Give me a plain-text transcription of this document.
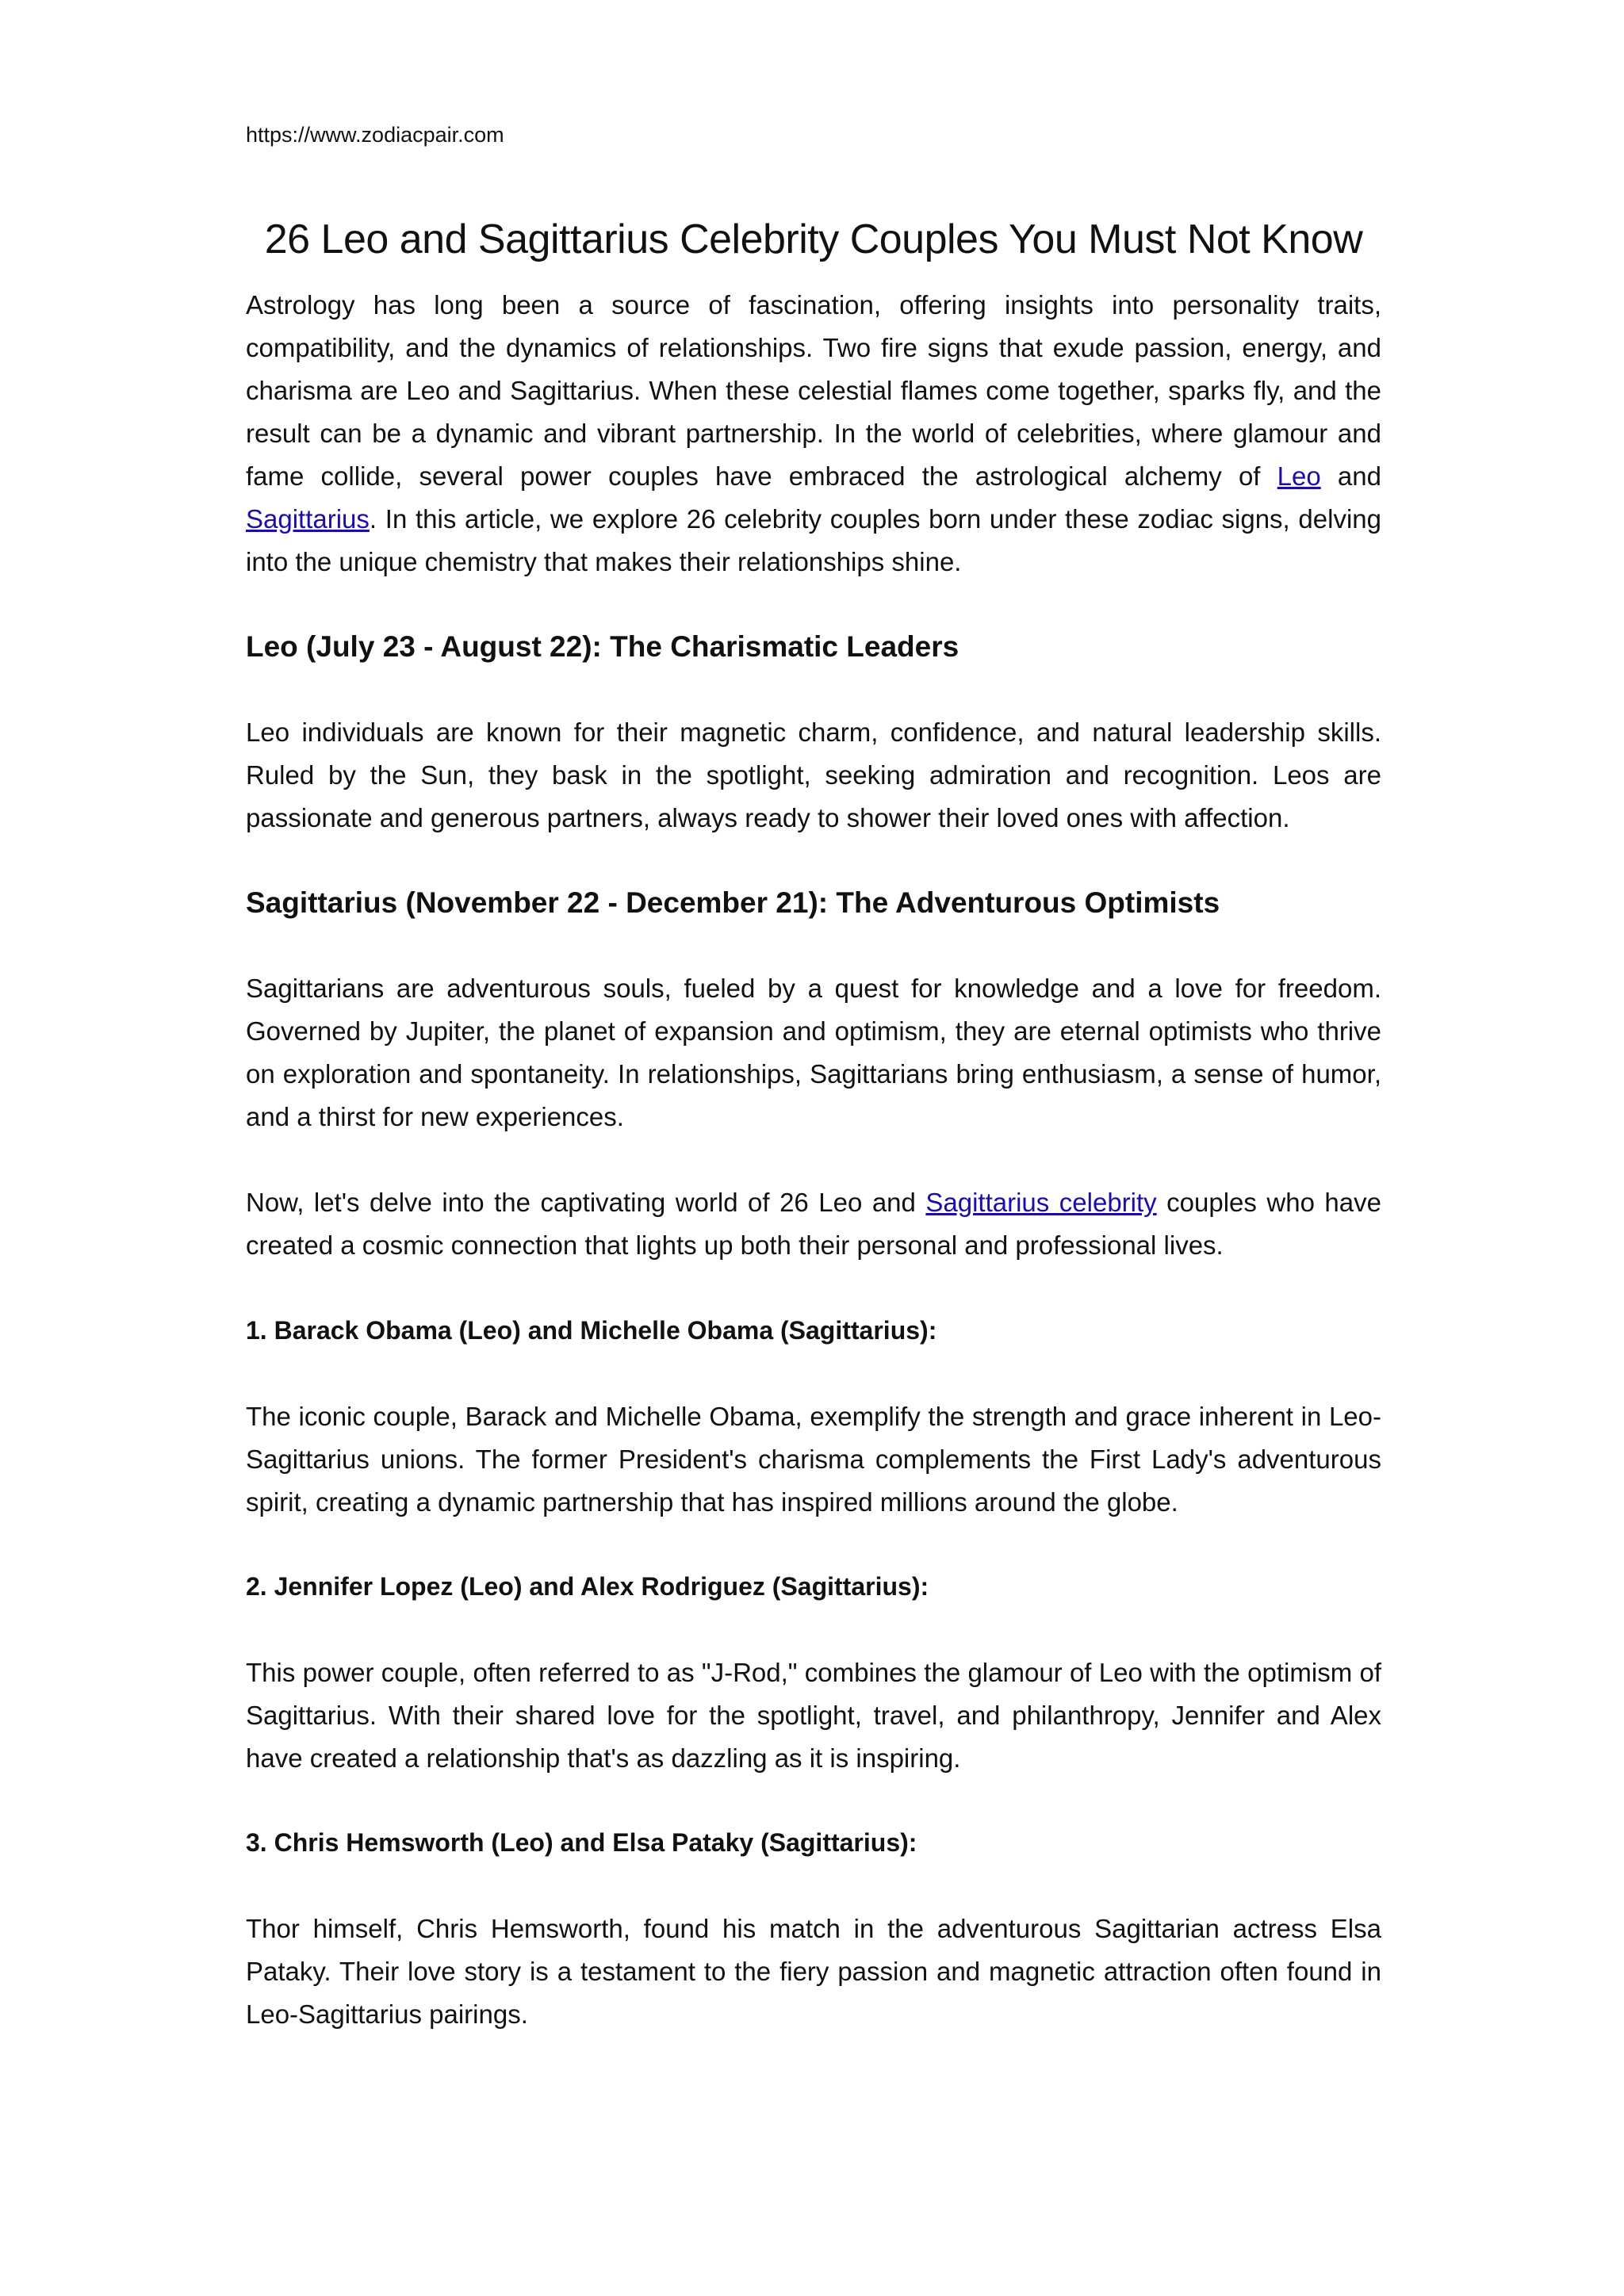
https://www.zodiacpair.com
26 Leo and Sagittarius Celebrity Couples You Must Not Know

Astrology has long been a source of fascination, offering insights into personality traits, compatibility, and the dynamics of relationships. Two fire signs that exude passion, energy, and charisma are Leo and Sagittarius. When these celestial flames come together, sparks fly, and the result can be a dynamic and vibrant partnership. In the world of celebrities, where glamour and fame collide, several power couples have embraced the astrological alchemy of Leo and Sagittarius. In this article, we explore 26 celebrity couples born under these zodiac signs, delving into the unique chemistry that makes their relationships shine.

Leo (July 23 - August 22): The Charismatic Leaders

Leo individuals are known for their magnetic charm, confidence, and natural leadership skills. Ruled by the Sun, they bask in the spotlight, seeking admiration and recognition. Leos are passionate and generous partners, always ready to shower their loved ones with affection.

Sagittarius (November 22 - December 21): The Adventurous Optimists

Sagittarians are adventurous souls, fueled by a quest for knowledge and a love for freedom. Governed by Jupiter, the planet of expansion and optimism, they are eternal optimists who thrive on exploration and spontaneity. In relationships, Sagittarians bring enthusiasm, a sense of humor, and a thirst for new experiences.

Now, let's delve into the captivating world of 26 Leo and Sagittarius celebrity couples who have created a cosmic connection that lights up both their personal and professional lives.

1. Barack Obama (Leo) and Michelle Obama (Sagittarius):

The iconic couple, Barack and Michelle Obama, exemplify the strength and grace inherent in Leo-Sagittarius unions. The former President's charisma complements the First Lady's adventurous spirit, creating a dynamic partnership that has inspired millions around the globe.

2. Jennifer Lopez (Leo) and Alex Rodriguez (Sagittarius):

This power couple, often referred to as "J-Rod," combines the glamour of Leo with the optimism of Sagittarius. With their shared love for the spotlight, travel, and philanthropy, Jennifer and Alex have created a relationship that's as dazzling as it is inspiring.

3. Chris Hemsworth (Leo) and Elsa Pataky (Sagittarius):

Thor himself, Chris Hemsworth, found his match in the adventurous Sagittarian actress Elsa Pataky. Their love story is a testament to the fiery passion and magnetic attraction often found in Leo-Sagittarius pairings.
